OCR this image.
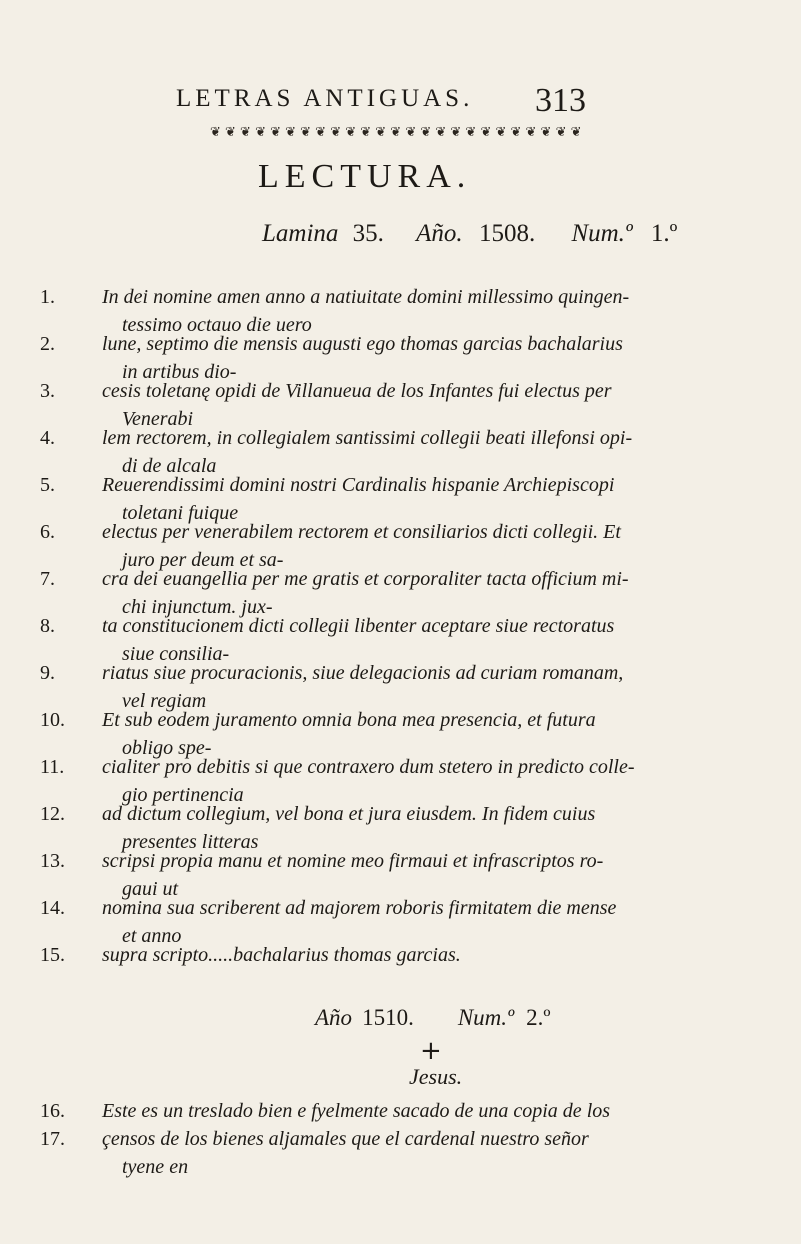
LETRAS ANTIGUAS. 313
❦ ❦ ❦ ❦ ❦ ❦ ❦ ❦ ❦ ❦ ❦ ❦ ❦ ❦ ❦ ❦ ❦ ❦ ❦ ❦ ❦ ❦ ❦ ❦ ❦
LECTURA.
Lamina 35. Año. 1508. Num.º 1.º
1.	In dei nomine amen anno a natiuitate domini millessimo quingen-
tessimo octauo die uero
2.	lune, septimo die mensis augusti ego thomas garcias bachalarius
in artibus dio-
3.	cesis toletanę opidi de Villanueua de los Infantes fui electus per
Venerabi
4.	lem rectorem, in collegialem santissimi collegii beati illefonsi opi-
di de alcala
5.	Reuerendissimi domini nostri Cardinalis hispanie Archiepiscopi
toletani fuique
6.	electus per venerabilem rectorem et consiliarios dicti collegii. Et
juro per deum et sa-
7.	cra dei euangellia per me gratis et corporaliter tacta officium mi-
chi injunctum. jux-
8.	ta constitucionem dicti collegii libenter aceptare siue rectoratus
siue consilia-
9.	riatus siue procuracionis, siue delegacionis ad curiam romanam,
vel regiam
10.	Et sub eodem juramento omnia bona mea presencia, et futura
obligo spe-
11.	cialiter pro debitis si que contraxero dum stetero in predicto colle-
gio pertinencia
12.	ad dictum collegium, vel bona et jura eiusdem. In fidem cuius
presentes litteras
13.	scripsi propia manu et nomine meo firmaui et infrascriptos ro-
gaui ut
14.	nomina sua scriberent ad majorem roboris firmitatem die mense
et anno
15.	supra scripto.....bachalarius thomas garcias.
Año 1510. Num.º 2.º
+
Jesus.
16.	Este es un treslado bien e fyelmente sacado de una copia de los
17.	çensos de los bienes aljamales que el cardenal nuestro señor
tyene en
